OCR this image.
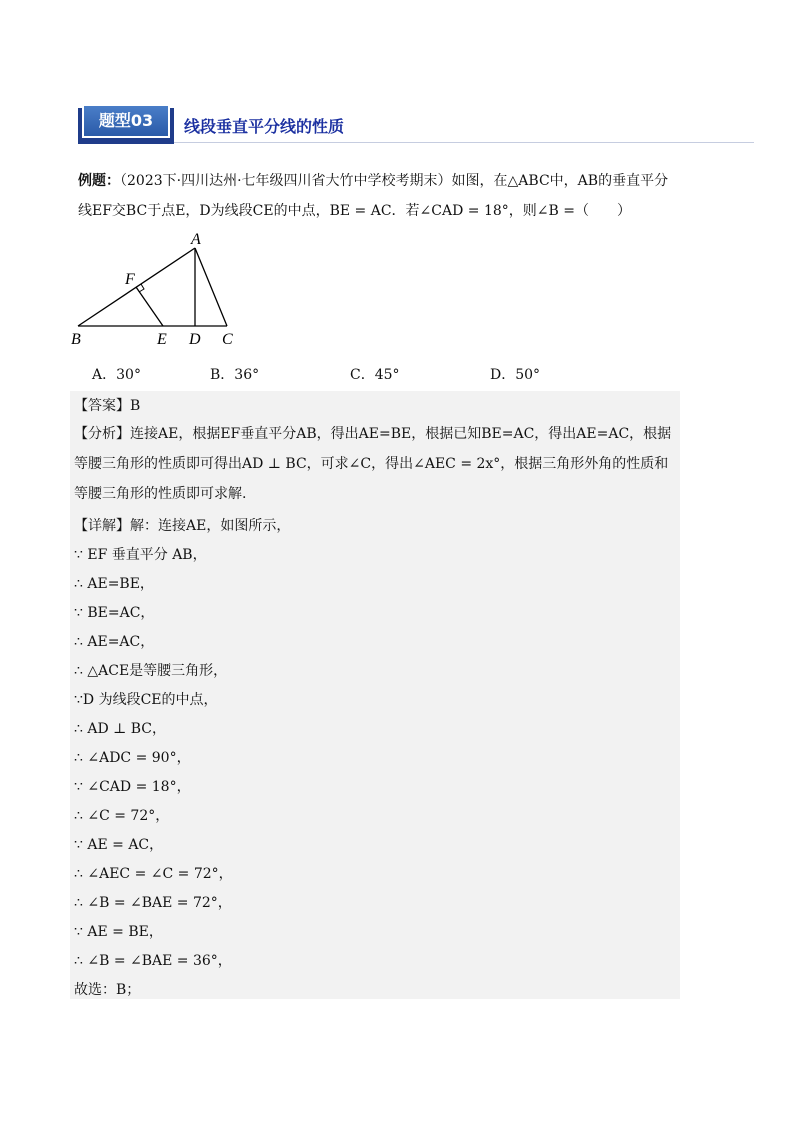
题型03	线段垂直平分线的性质
例题：（2023下·四川达州·七年级四川省大竹中学校考期末）如图，在△ABC中，AB的垂直平分
线EF交BC于点E，D为线段CE的中点，BE = AC．若∠CAD = 18°，则∠B =（　　）
A
B	C
D
E
F
A．30°	B．36°	C．45°	D．50°
【答案】B
【分析】连接AE，根据EF垂直平分AB，得出AE=BE，根据已知BE=AC，得出AE=AC，根据等腰三角形的性质即可得出AD ⊥ BC，可求∠C，得出∠AEC = 2x°，根据三角形外角的性质和等腰三角形的性质即可求解.
【详解】解：连接AE，如图所示，
∵ EF 垂直平分 AB，
∴ AE=BE，
∵ BE=AC，
∴ AE=AC，
∴ △ACE是等腰三角形，
∵D 为线段CE的中点，
∴ AD ⊥ BC，
∴ ∠ADC = 90°，
∵ ∠CAD = 18°，
∴ ∠C = 72°，
∵ AE = AC，
∴ ∠AEC = ∠C = 72°，
∴ ∠B = ∠BAE = 72°，
∵ AE = BE，
∴ ∠B = ∠BAE = 36°，
故选：B；
